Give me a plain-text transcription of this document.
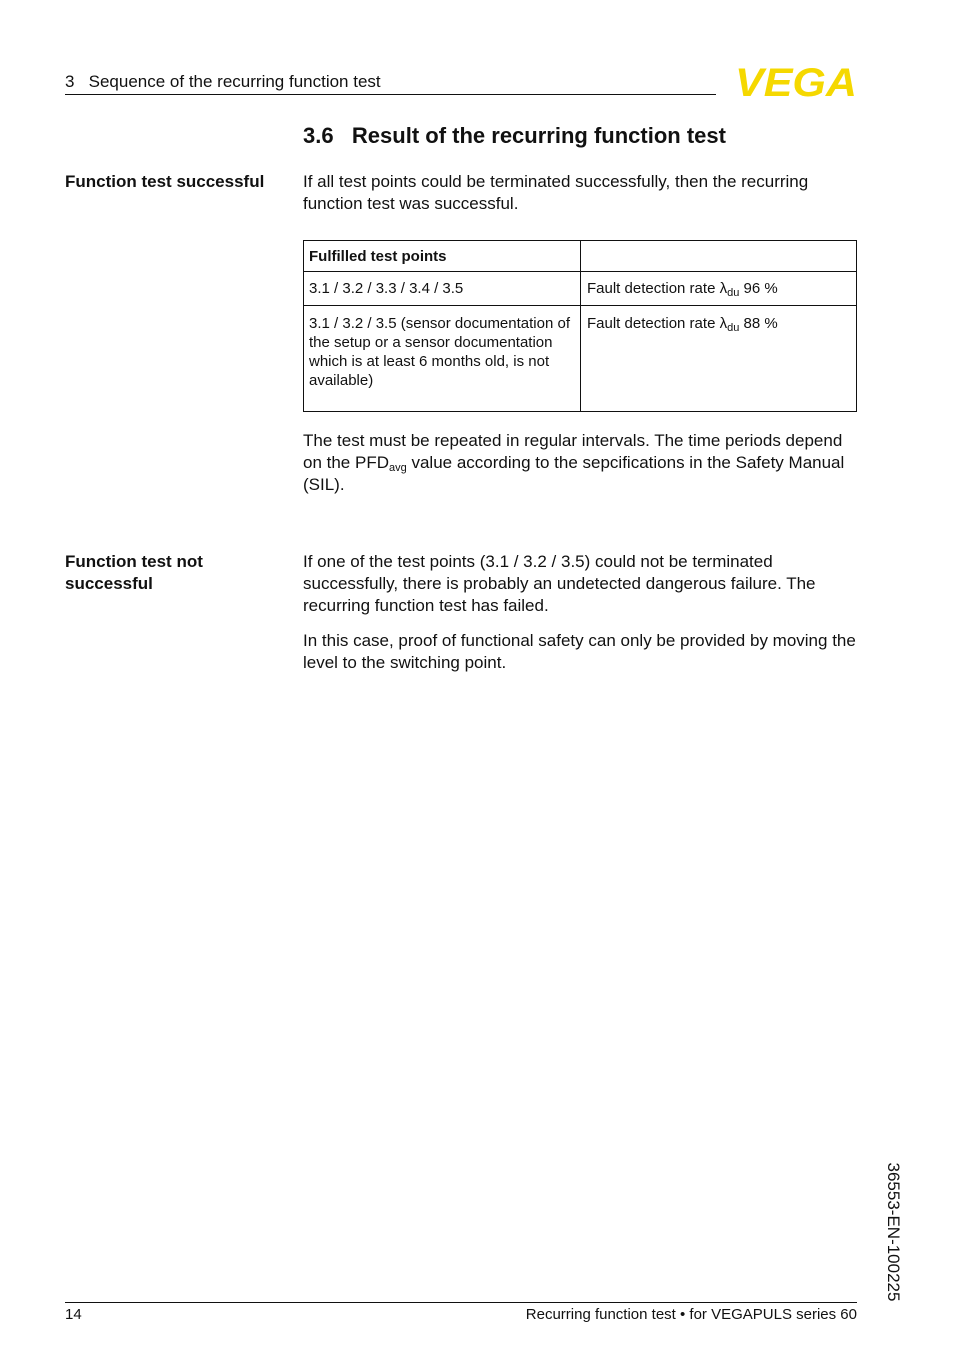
3   Sequence of the recurring function test	VEGA
3.6   Result of the recurring function test
Function test successful	If all test points could be terminated successfully, then the recurring function test was successful.

Fulfilled test points	
3.1 / 3.2 / 3.3 / 3.4 / 3.5	Fault detection rate $\lambda_{du}$ 96 %
3.1 / 3.2 / 3.5 (sensor documentation of the setup or a sensor documentation which is at least 6 months old, is not available)	Fault detection rate $\lambda_{du}$ 88 %

The test must be repeated in regular intervals. The time periods depend on the $PFD_{avg}$ value according to the sepcifications in the Safety Manual (SIL).

Function test not successful

If one of the test points (3.1 / 3.2 / 3.5) could not be terminated successfully, there is probably an undetected dangerous failure. The recurring function test has failed.

In this case, proof of functional safety can only be provided by moving the level to the switching point.

36553-EN-100225
14	Recurring function test • for VEGAPULS series 60
